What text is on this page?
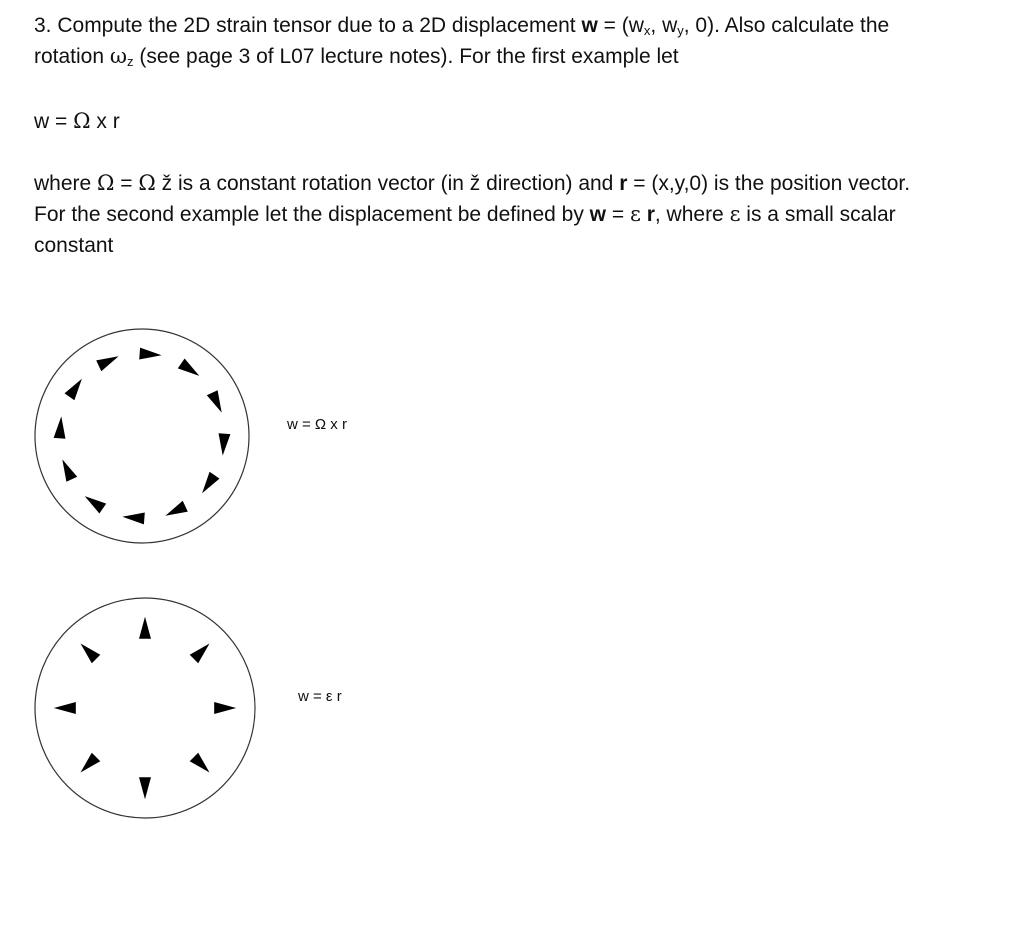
3. Compute the 2D strain tensor due to a 2D displacement $w = (w_x$, $w_y$, 0). Also calculate the
rotation $\omega_z$ (see page 3 of L07 lecture notes). For the first example let
w = Ω x r
where Ω = Ω ž is a constant rotation vector (in ž direction) and r = (x,y,0) is the position vector.
For the second example let the displacement be defined by w = ε r, where ε is a small scalar
constant
w = Ω x r
w = ε r
